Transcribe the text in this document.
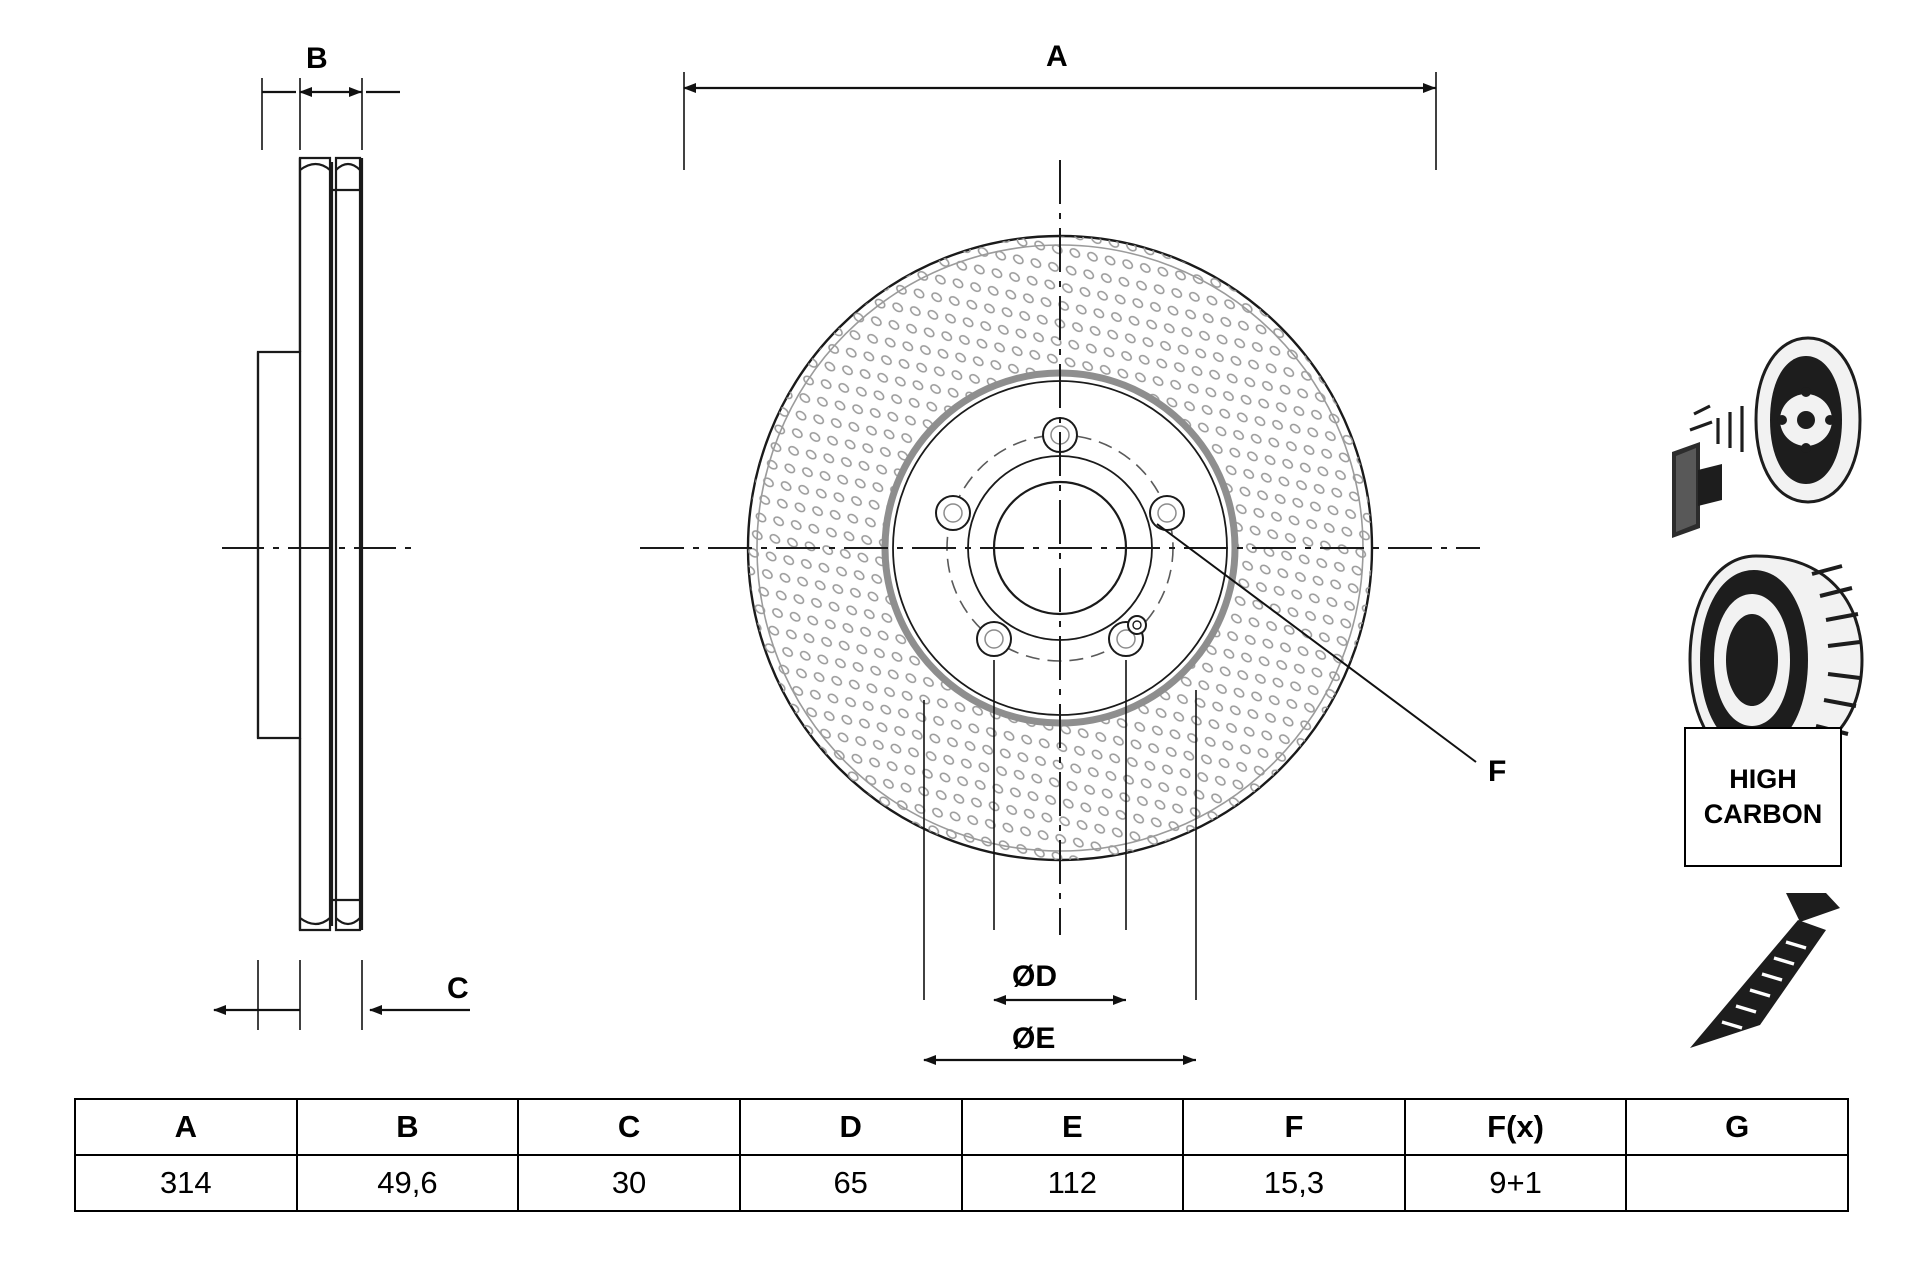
B
C
A
ØD
ØE
F	HIGH
CARBON
A	B	C	D	E	F	F(x)	G
314	49,6	30	65	112	15,3	9+1	
